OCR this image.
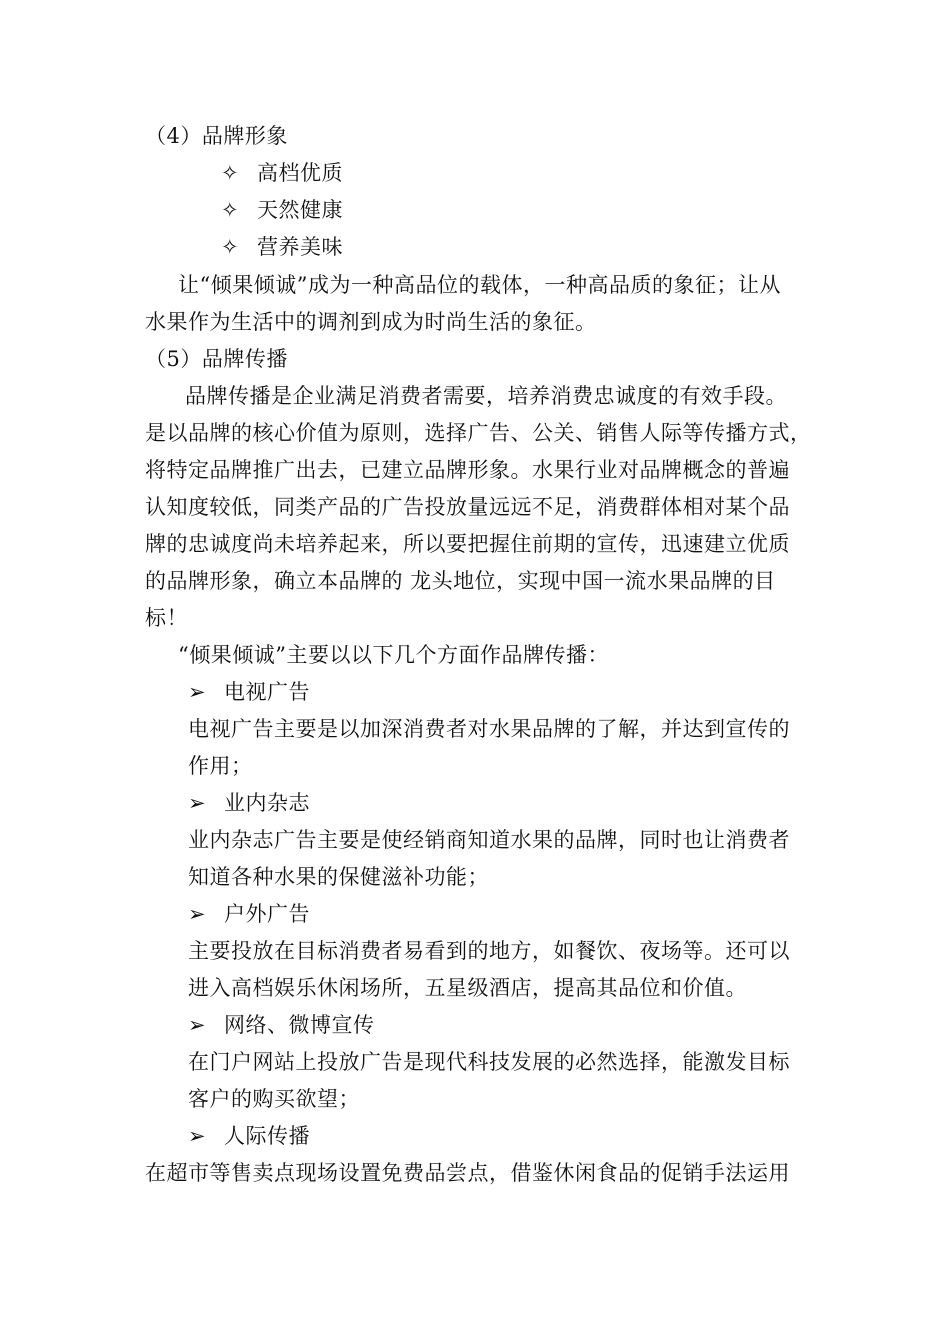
（4）品牌形象
✧ 高档优质
✧ 天然健康
✧ 营养美味
让“倾果倾诚”成为一种高品位的载体，一种高品质的象征；让从
水果作为生活中的调剂到成为时尚生活的象征。
（5）品牌传播
品牌传播是企业满足消费者需要，培养消费忠诚度的有效手段。
是以品牌的核心价值为原则，选择广告、公关、销售人际等传播方式，
将特定品牌推广出去，已建立品牌形象。水果行业对品牌概念的普遍
认知度较低，同类产品的广告投放量远远不足，消费群体相对某个品
牌的忠诚度尚未培养起来，所以要把握住前期的宣传，迅速建立优质
的品牌形象，确立本品牌的 龙头地位，实现中国一流水果品牌的目
标！
“倾果倾诚”主要以以下几个方面作品牌传播：
➢ 电视广告
电视广告主要是以加深消费者对水果品牌的了解，并达到宣传的
作用；
➢ 业内杂志
业内杂志广告主要是使经销商知道水果的品牌，同时也让消费者
知道各种水果的保健滋补功能；
➢ 户外广告
主要投放在目标消费者易看到的地方，如餐饮、夜场等。还可以
进入高档娱乐休闲场所，五星级酒店，提高其品位和价值。
➢ 网络、微博宣传
在门户网站上投放广告是现代科技发展的必然选择，能激发目标
客户的购买欲望；
➢ 人际传播
在超市等售卖点现场设置免费品尝点，借鉴休闲食品的促销手法运用
